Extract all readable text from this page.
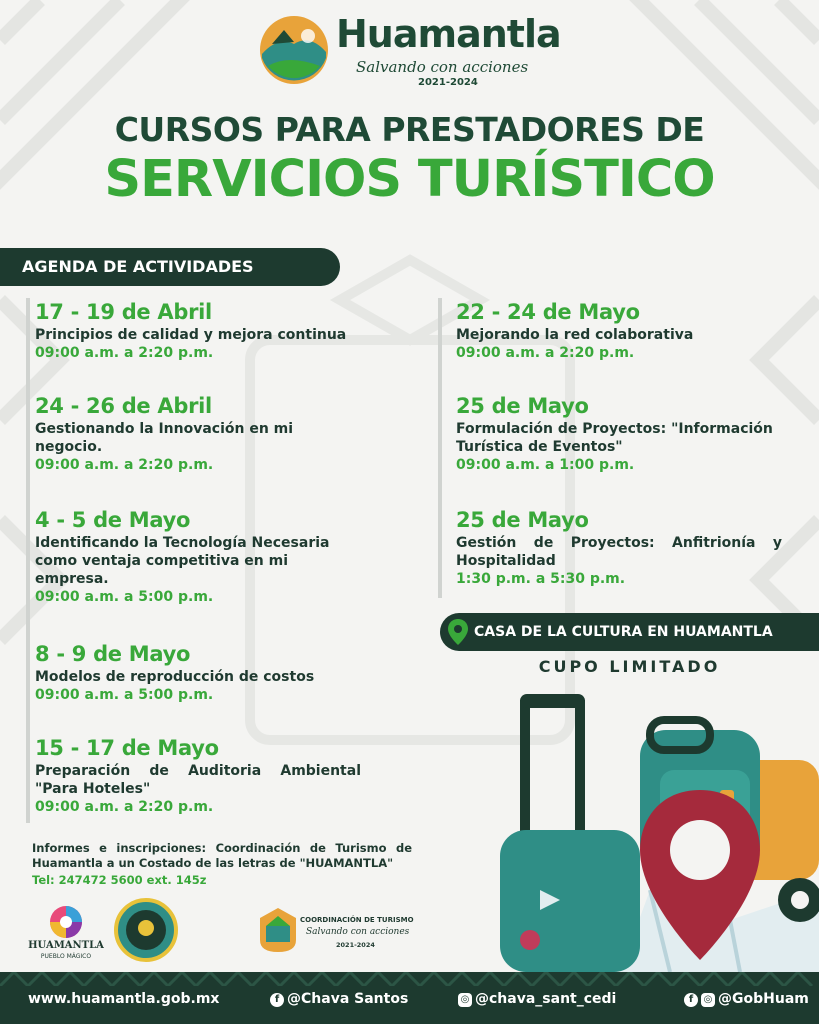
Huamantla
Salvando con acciones
2021-2024
CURSOS PARA PRESTADORES DE
SERVICIOS TURÍSTICO
AGENDA DE ACTIVIDADES
17 - 19 de Abril
Principios de calidad y mejora continua
09:00 a.m. a 2:20 p.m.
24 - 26 de Abril
Gestionando la Innovación en mi negocio.
09:00 a.m. a 2:20 p.m.
4 - 5 de Mayo
Identificando la Tecnología Necesaria como ventaja competitiva en mi empresa.
09:00 a.m. a 5:00 p.m.
8 - 9 de Mayo
Modelos de reproducción de costos
09:00 a.m. a 5:00 p.m.
15 - 17 de Mayo
Preparación de Auditoria Ambiental "Para Hoteles"
09:00 a.m. a 2:20 p.m.
22 - 24 de Mayo
Mejorando la red colaborativa
09:00 a.m. a 2:20 p.m.
25 de Mayo
Formulación de Proyectos: "Información Turística de Eventos"
09:00 a.m. a 1:00 p.m.
25 de Mayo
Gestión de Proyectos: Anfitrionía y Hospitalidad
1:30 p.m. a 5:30 p.m.
CASA DE LA CULTURA EN HUAMANTLA
CUPO LIMITADO
Informes e inscripciones: Coordinación de Turismo de Huamantla a un Costado de las letras de "HUAMANTLA"
Tel: 247472 5600 ext. 145z
HUAMANTLA
PUEBLO MÁGICO
COORDINACIÓN DE TURISMO
Salvando con acciones
2021-2024
www.huamantla.gob.mx	f @Chava Santos	◎ @chava_sant_cedi	f ◎ @GobHuam
